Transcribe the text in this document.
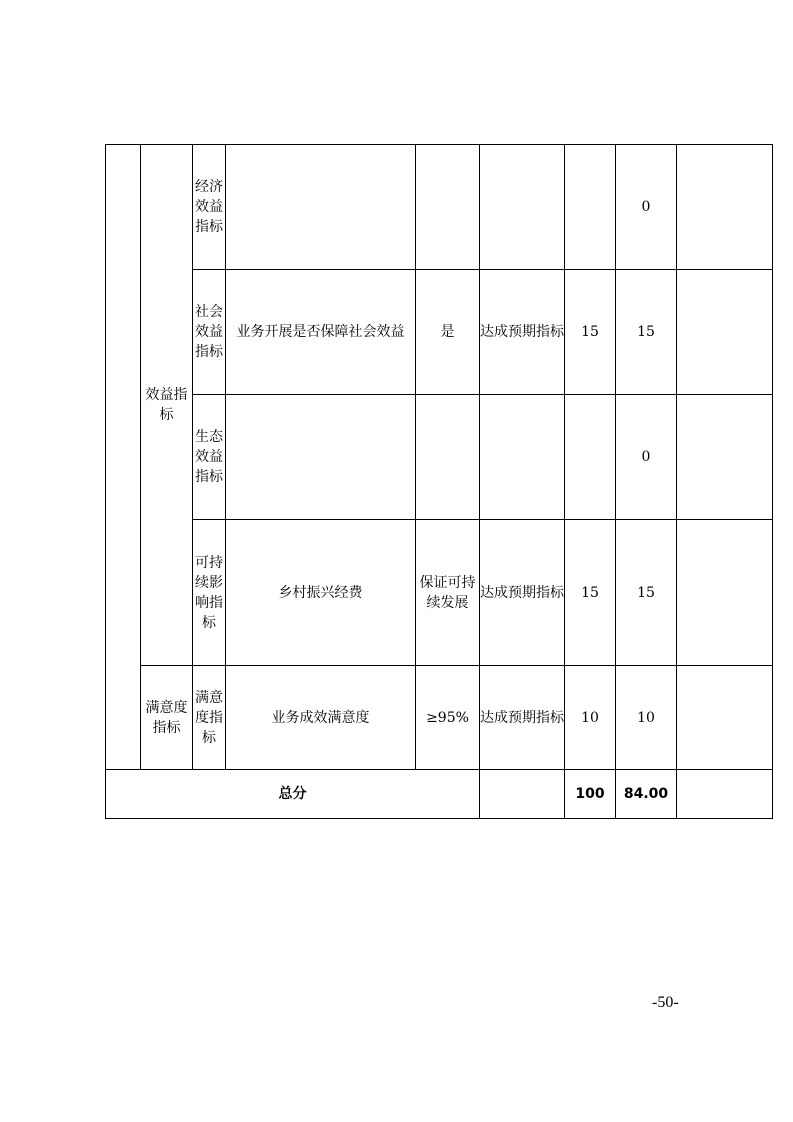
	效益指标	经济效益指标					0	
		社会效益指标	业务开展是否保障社会效益	是	达成预期指标	15	15	
		生态效益指标					0	
		可持续影响指标	乡村振兴经费	保证可持续发展	达成预期指标	15	15	
	满意度指标	满意度指标	业务成效满意度	≥95%	达成预期指标	10	10	
总分						100	84.00	
-50-
